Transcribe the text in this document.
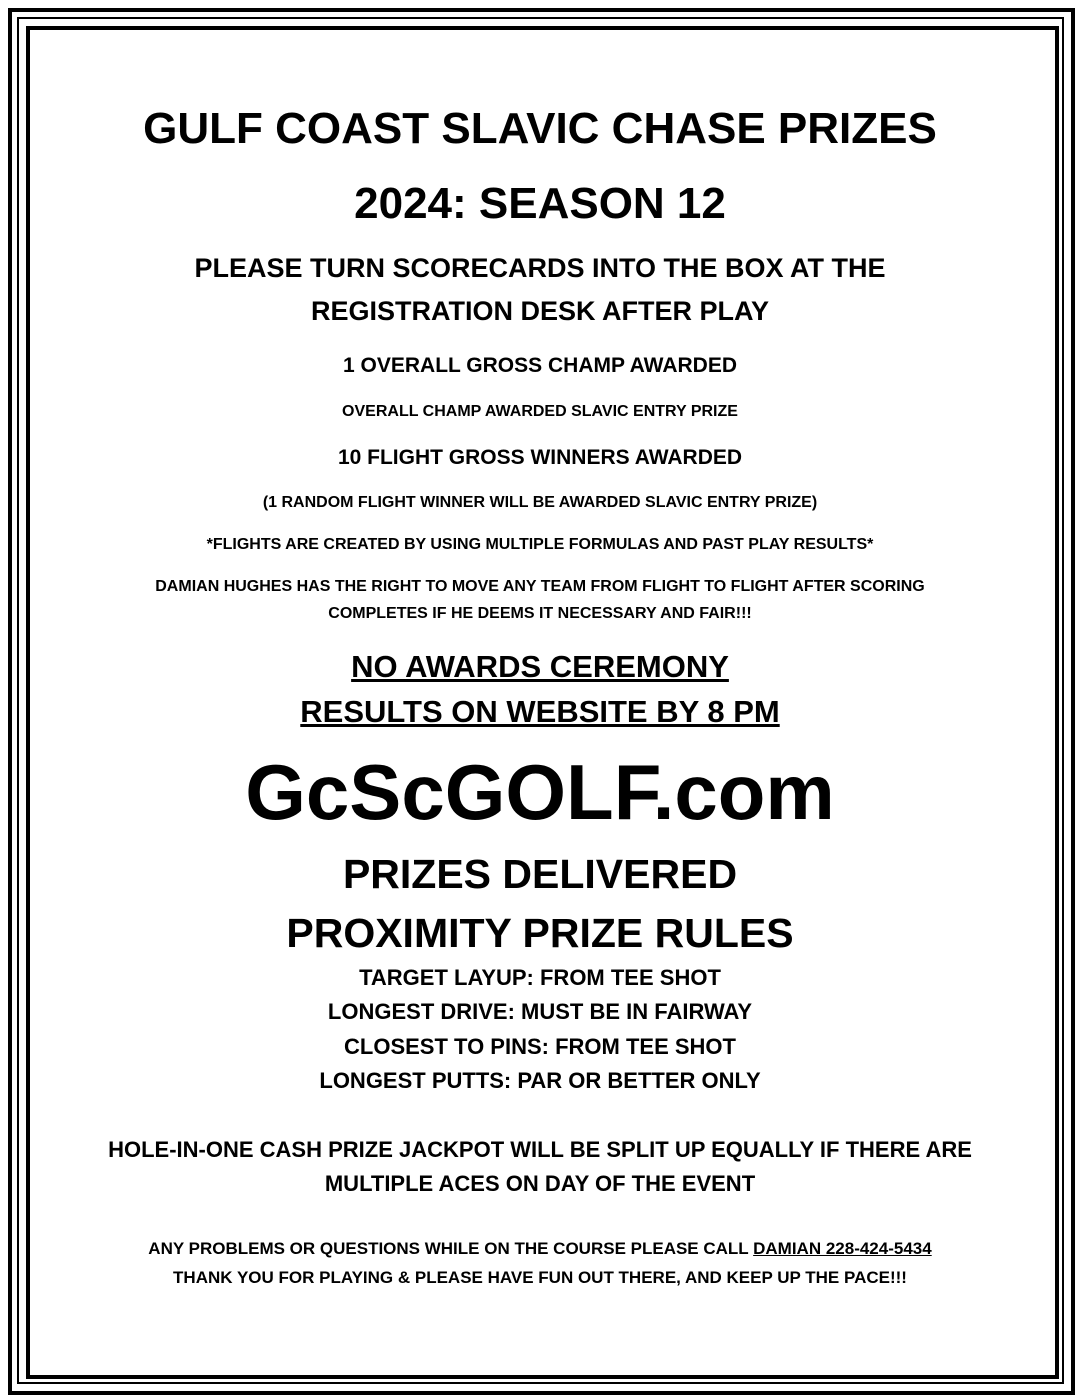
GULF COAST SLAVIC CHASE PRIZES
2024: SEASON 12
PLEASE TURN SCORECARDS INTO THE BOX AT THE
REGISTRATION DESK AFTER PLAY
1 OVERALL GROSS CHAMP AWARDED
OVERALL CHAMP AWARDED SLAVIC ENTRY PRIZE
10 FLIGHT GROSS WINNERS AWARDED
(1 RANDOM FLIGHT WINNER WILL BE AWARDED SLAVIC ENTRY PRIZE)
*FLIGHTS ARE CREATED BY USING MULTIPLE FORMULAS AND PAST PLAY RESULTS*
DAMIAN HUGHES HAS THE RIGHT TO MOVE ANY TEAM FROM FLIGHT TO FLIGHT AFTER SCORING
COMPLETES IF HE DEEMS IT NECESSARY AND FAIR!!!
NO AWARDS CEREMONY
RESULTS ON WEBSITE BY 8 PM
GcScGOLF.com
PRIZES DELIVERED
PROXIMITY PRIZE RULES
TARGET LAYUP: FROM TEE SHOT
LONGEST DRIVE: MUST BE IN FAIRWAY
CLOSEST TO PINS: FROM TEE SHOT
LONGEST PUTTS: PAR OR BETTER ONLY
HOLE-IN-ONE CASH PRIZE JACKPOT WILL BE SPLIT UP EQUALLY IF THERE ARE
MULTIPLE ACES ON DAY OF THE EVENT
ANY PROBLEMS OR QUESTIONS WHILE ON THE COURSE PLEASE CALL DAMIAN 228-424-5434
THANK YOU FOR PLAYING & PLEASE HAVE FUN OUT THERE, AND KEEP UP THE PACE!!!
